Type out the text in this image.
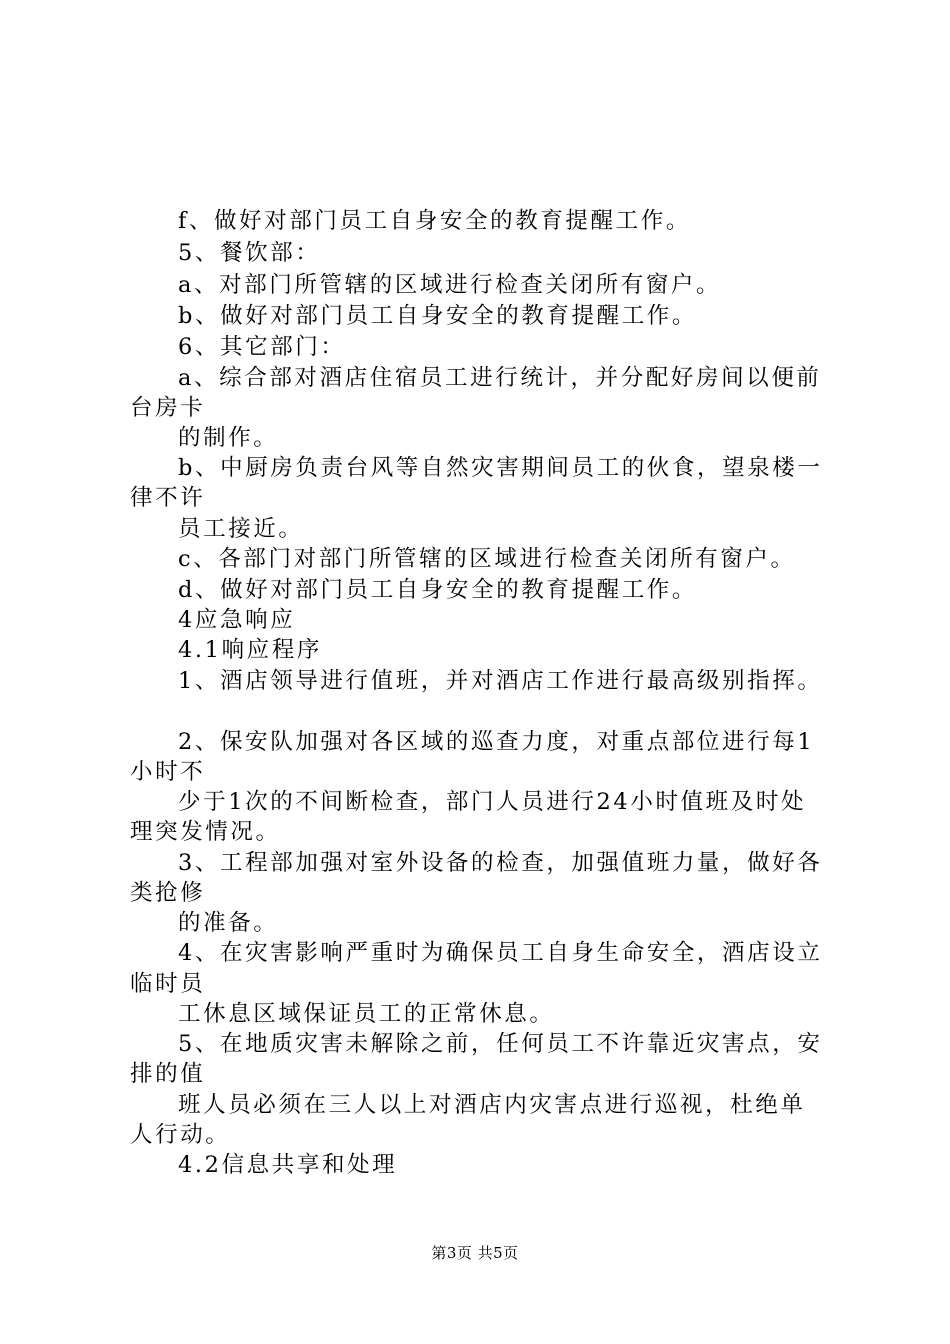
f、做好对部门员工自身安全的教育提醒工作。
5、餐饮部：
a、对部门所管辖的区域进行检查关闭所有窗户。
b、做好对部门员工自身安全的教育提醒工作。
6、其它部门：
a、综合部对酒店住宿员工进行统计，并分配好房间以便前
台房卡
的制作。
b、中厨房负责台风等自然灾害期间员工的伙食，望泉楼一
律不许
员工接近。
c、各部门对部门所管辖的区域进行检查关闭所有窗户。
d、做好对部门员工自身安全的教育提醒工作。
4应急响应
4.1响应程序
1、酒店领导进行值班，并对酒店工作进行最高级别指挥。
2、保安队加强对各区域的巡查力度，对重点部位进行每1
小时不
少于1次的不间断检查，部门人员进行24小时值班及时处
理突发情况。
3、工程部加强对室外设备的检查，加强值班力量，做好各
类抢修
的准备。
4、在灾害影响严重时为确保员工自身生命安全，酒店设立
临时员
工休息区域保证员工的正常休息。
5、在地质灾害未解除之前，任何员工不许靠近灾害点，安
排的值
班人员必须在三人以上对酒店内灾害点进行巡视，杜绝单
人行动。
4.2信息共享和处理
第3页 共5页
